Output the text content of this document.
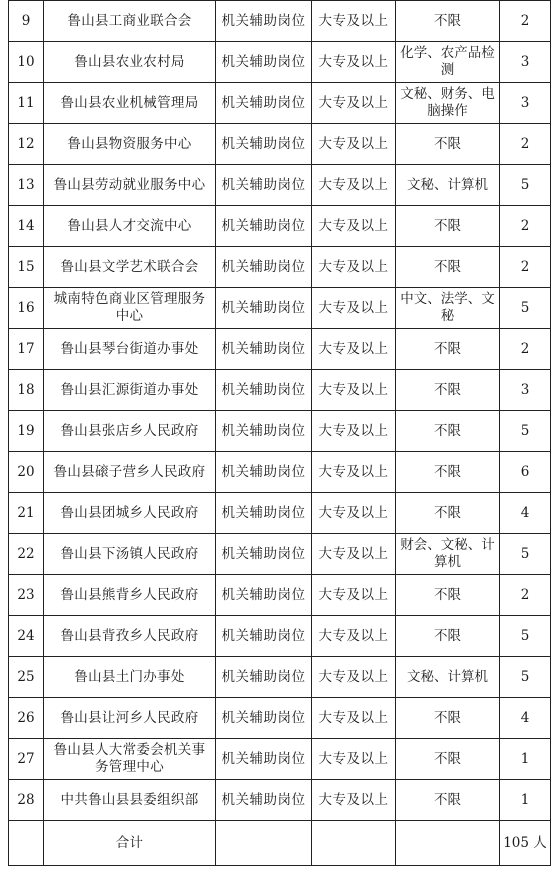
9	鲁山县工商业联合会	机关辅助岗位	大专及以上	不限	2
10	鲁山县农业农村局	机关辅助岗位	大专及以上	化学、农产品检测	3
11	鲁山县农业机械管理局	机关辅助岗位	大专及以上	文秘、财务、电脑操作	3
12	鲁山县物资服务中心	机关辅助岗位	大专及以上	不限	2
13	鲁山县劳动就业服务中心	机关辅助岗位	大专及以上	文秘、计算机	5
14	鲁山县人才交流中心	机关辅助岗位	大专及以上	不限	2
15	鲁山县文学艺术联合会	机关辅助岗位	大专及以上	不限	2
16	城南特色商业区管理服务中心	机关辅助岗位	大专及以上	中文、法学、文秘	5
17	鲁山县琴台街道办事处	机关辅助岗位	大专及以上	不限	2
18	鲁山县汇源街道办事处	机关辅助岗位	大专及以上	不限	3
19	鲁山县张店乡人民政府	机关辅助岗位	大专及以上	不限	5
20	鲁山县磙子营乡人民政府	机关辅助岗位	大专及以上	不限	6
21	鲁山县团城乡人民政府	机关辅助岗位	大专及以上	不限	4
22	鲁山县下汤镇人民政府	机关辅助岗位	大专及以上	财会、文秘、计算机	5
23	鲁山县熊背乡人民政府	机关辅助岗位	大专及以上	不限	2
24	鲁山县背孜乡人民政府	机关辅助岗位	大专及以上	不限	5
25	鲁山县土门办事处	机关辅助岗位	大专及以上	文秘、计算机	5
26	鲁山县让河乡人民政府	机关辅助岗位	大专及以上	不限	4
27	鲁山县人大常委会机关事务管理中心	机关辅助岗位	大专及以上	不限	1
28	中共鲁山县县委组织部	机关辅助岗位	大专及以上	不限	1
	合计				105 人
